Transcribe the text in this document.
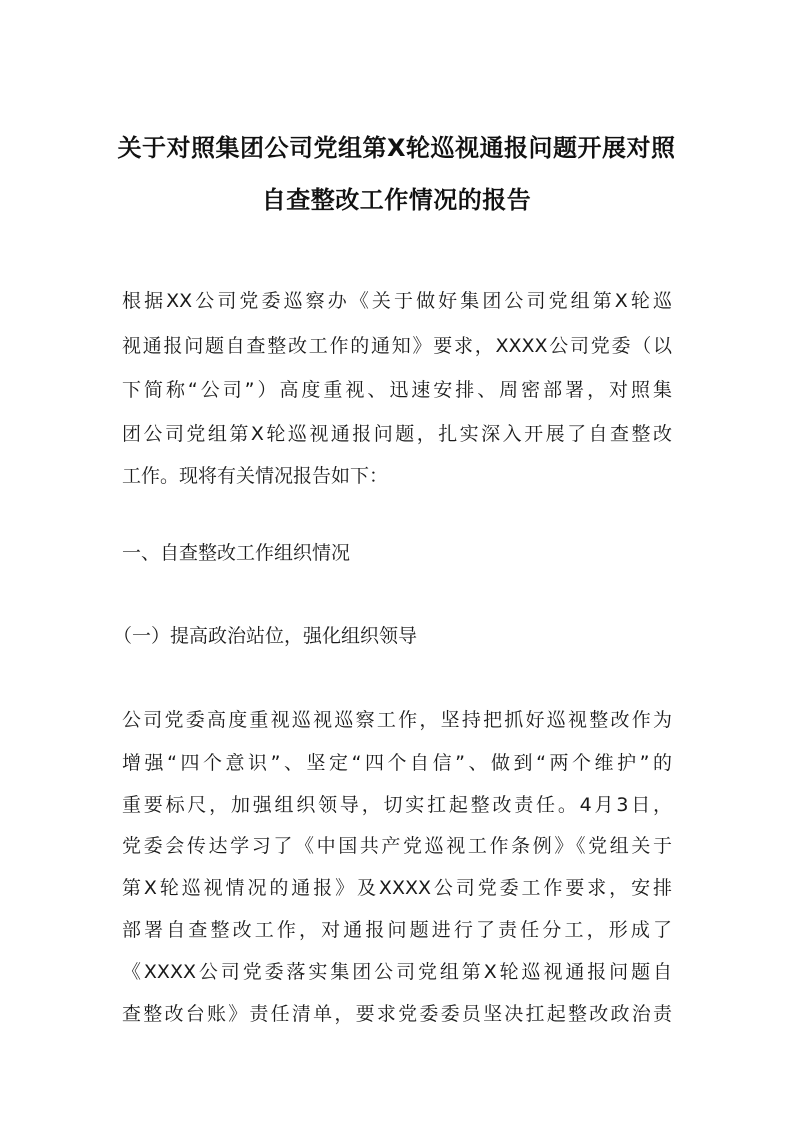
关于对照集团公司党组第X轮巡视通报问题开展对照
自查整改工作情况的报告
根据XX公司党委巡察办《关于做好集团公司党组第X轮巡
视通报问题自查整改工作的通知》要求，XXXX公司党委（以
下简称“公司”）高度重视、迅速安排、周密部署，对照集
团公司党组第X轮巡视通报问题，扎实深入开展了自查整改
工作。现将有关情况报告如下：
一、自查整改工作组织情况
（一）提高政治站位，强化组织领导
公司党委高度重视巡视巡察工作，坚持把抓好巡视整改作为
增强“四个意识”、坚定“四个自信”、做到“两个维护”的
重要标尺，加强组织领导，切实扛起整改责任。4月3日，
党委会传达学习了《中国共产党巡视工作条例》《党组关于
第X轮巡视情况的通报》及XXXX公司党委工作要求，安排
部署自查整改工作，对通报问题进行了责任分工，形成了
《XXXX公司党委落实集团公司党组第X轮巡视通报问题自
查整改台账》责任清单，要求党委委员坚决扛起整改政治责
